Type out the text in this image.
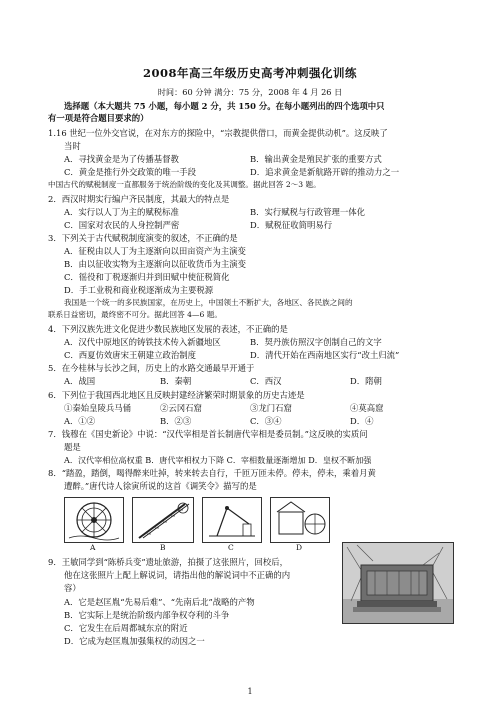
2008年高三年级历史高考冲刺强化训练
时间：60 分钟 满分：75 分，2008 年 4 月 26 日
选择题（本大题共 75 小题，每小题 2 分，共 150 分。在每小题列出的四个选项中只
有一项是符合题目要求的）
1.16 世纪一位外交官说，在对东方的探险中，“宗教提供借口，而黄金提供动机”。这反映了
当时
A．寻找黄金是为了传播基督教	B．输出黄金是殖民扩张的重要方式
C．黄金是推行外交政策的唯一手段	D．追求黄金是新航路开辟的推动力之一
中国古代的赋税制度一直都服务于统治阶级的变化及其调整。据此回答 2～3 题。
2．西汉时期实行编户齐民制度，其最大的特点是
A．实行以人丁为主的赋税标准	B．实行赋税与行政管理一体化
C．国家对农民的人身控制严密	D．赋税征收简明易行
3．下列关于古代赋税制度演变的叙述，不正确的是
A．征税由以人丁为主逐渐向以田亩资产为主演变
B．由以征收实物为主逐渐向以征收货币为主演变
C．徭役和丁税逐渐归并到田赋中使征税简化
D．手工业税和商业税逐渐成为主要税源
我国是一个统一的多民族国家，在历史上，中国领土不断扩大，各地区、各民族之间的
联系日益密切，最终密不可分。据此回答 4—6 题。
4．下列汉族先进文化促进少数民族地区发展的表述，不正确的是
A．汉代中原地区的铸铁技术传入新疆地区	B．契丹族仿照汉字创制自己的文字
C．西夏仿效唐宋王朝建立政治制度	D．清代开始在西南地区实行“改土归流”
5．在今桂林与长沙之间，历史上的水路交通最早开通于
A．战国	B．秦朝	C．西汉	D．隋朝
6．下列位于我国西北地区且反映封建经济繁荣时期景象的历史古迹是
①秦始皇陵兵马俑	②云冈石窟	③龙门石窟	④莫高窟
A．①②	B．②③	C．③④	D．④
7．钱穆在《国史新论》中说：“汉代宰相是首长制唐代宰相是委员制。”这反映的实质问
题是
A．汉代宰相位高权重 B．唐代宰相权力下降 C．宰相数量逐渐增加 D．皇权不断加强
8．“踏盈，踏倒，喝得醉来吐掉，转来转去自行，千匝万匝未停。停未，停未，乘着月黄
遭醉。”唐代诗人徐寅所说的这首《调笑令》描写的是
A	B	C	D
9．王敏同学到“陈桥兵变”遗址旅游，拍摄了这张照片，回校后，
他在这张照片上配上解说词，请指出他的解说词中不正确的内
容）
A．它是赵匡胤“先易后难”、“先南后北”战略的产物
B．它实际上是统治阶级内部争权夺利的斗争
C．它发生在后周都城东京的附近
D．它成为赵匡胤加强集权的动因之一
1
